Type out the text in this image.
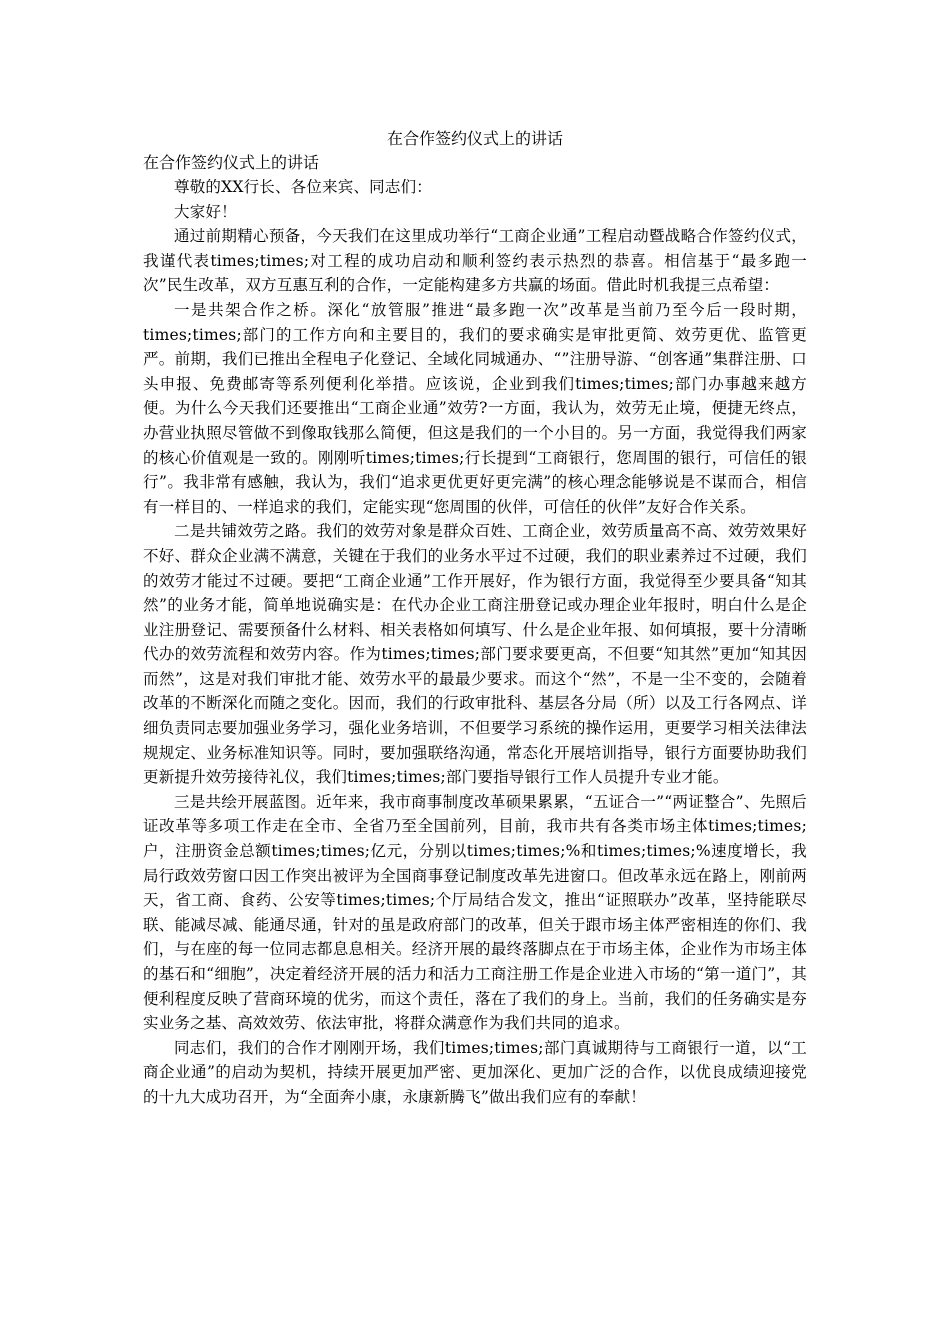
在合作签约仪式上的讲话

在合作签约仪式上的讲话

尊敬的XX行长、各位来宾、同志们：

大家好！

通过前期精心预备，今天我们在这里成功举行“工商企业通”工程启动暨战略合作签约仪式，我谨代表times;times;对工程的成功启动和顺利签约表示热烈的恭喜。相信基于“最多跑一次”民生改革，双方互惠互利的合作，一定能构建多方共赢的场面。借此时机我提三点希望：

一是共架合作之桥。深化“放管服”推进“最多跑一次”改革是当前乃至今后一段时期，times;times;部门的工作方向和主要目的，我们的要求确实是审批更简、效劳更优、监管更严。前期，我们已推出全程电子化登记、全域化同城通办、“”注册导游、“创客通”集群注册、口头申报、免费邮寄等系列便利化举措。应该说，企业到我们times;times;部门办事越来越方便。为什么今天我们还要推出“工商企业通”效劳?一方面，我认为，效劳无止境，便捷无终点，办营业执照尽管做不到像取钱那么简便，但这是我们的一个小目的。另一方面，我觉得我们两家的核心价值观是一致的。刚刚听times;times;行长提到“工商银行，您周围的银行，可信任的银行”。我非常有感触，我认为，我们“追求更优更好更完满”的核心理念能够说是不谋而合，相信有一样目的、一样追求的我们，定能实现“您周围的伙伴，可信任的伙伴”友好合作关系。

二是共铺效劳之路。我们的效劳对象是群众百姓、工商企业，效劳质量高不高、效劳效果好不好、群众企业满不满意，关键在于我们的业务水平过不过硬，我们的职业素养过不过硬，我们的效劳才能过不过硬。要把“工商企业通”工作开展好，作为银行方面，我觉得至少要具备“知其然”的业务才能，简单地说确实是：在代办企业工商注册登记或办理企业年报时，明白什么是企业注册登记、需要预备什么材料、相关表格如何填写、什么是企业年报、如何填报，要十分清晰代办的效劳流程和效劳内容。作为times;times;部门要求要更高，不但要“知其然”更加“知其因而然”，这是对我们审批才能、效劳水平的最最少要求。而这个“然”，不是一尘不变的，会随着改革的不断深化而随之变化。因而，我们的行政审批科、基层各分局（所）以及工行各网点、详细负责同志要加强业务学习，强化业务培训，不但要学习系统的操作运用，更要学习相关法律法规规定、业务标准知识等。同时，要加强联络沟通，常态化开展培训指导，银行方面要协助我们更新提升效劳接待礼仪，我们times;times;部门要指导银行工作人员提升专业才能。

三是共绘开展蓝图。近年来，我市商事制度改革硕果累累，“五证合一”“两证整合”、先照后证改革等多项工作走在全市、全省乃至全国前列，目前，我市共有各类市场主体times;times;户，注册资金总额times;times;亿元，分别以times;times;%和times;times;%速度增长，我局行政效劳窗口因工作突出被评为全国商事登记制度改革先进窗口。但改革永远在路上，刚前两天，省工商、食药、公安等times;times;个厅局结合发文，推出“证照联办”改革，坚持能联尽联、能减尽减、能通尽通，针对的虽是政府部门的改革，但关于跟市场主体严密相连的你们、我们，与在座的每一位同志都息息相关。经济开展的最终落脚点在于市场主体，企业作为市场主体的基石和“细胞”，决定着经济开展的活力和活力工商注册工作是企业进入市场的“第一道门”，其便利程度反映了营商环境的优劣，而这个责任，落在了我们的身上。当前，我们的任务确实是夯实业务之基、高效效劳、依法审批，将群众满意作为我们共同的追求。

同志们，我们的合作才刚刚开场，我们times;times;部门真诚期待与工商银行一道，以“工商企业通”的启动为契机，持续开展更加严密、更加深化、更加广泛的合作，以优良成绩迎接党的十九大成功召开，为“全面奔小康，永康新腾飞”做出我们应有的奉献！
